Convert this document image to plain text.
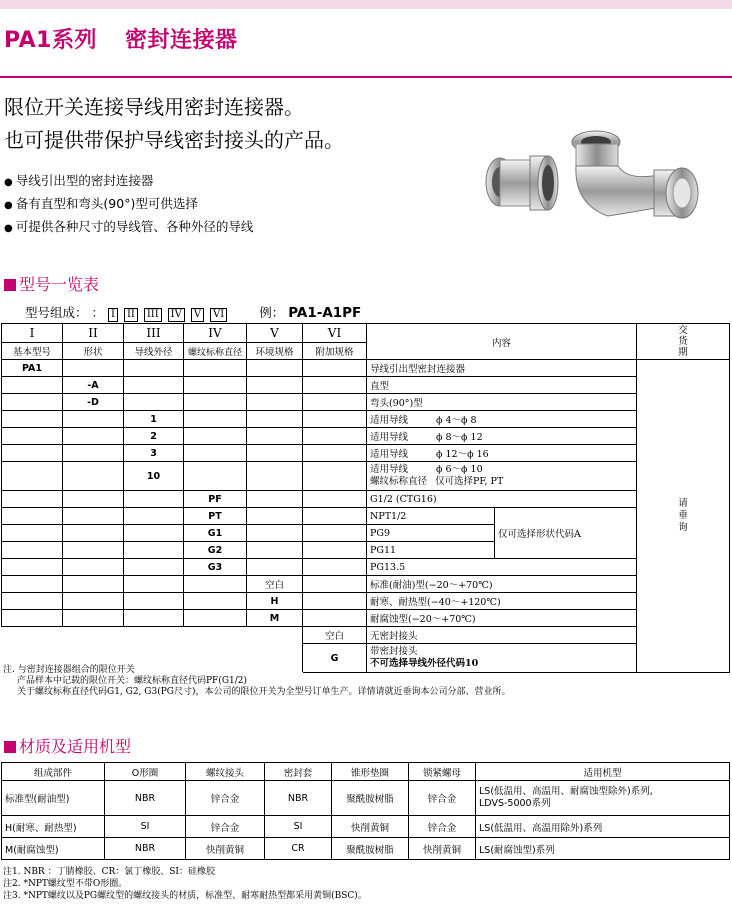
PA1系列 密封连接器
限位开关连接导线用密封连接器。
也可提供带保护导线密封接头的产品。
● 导线引出型的密封连接器
● 备有直型和弯头(90°)型可供选择
● 可提供各种尺寸的导线管、各种外径的导线
型号一览表
型号组成： ： I II III IV V VI	例： PA1-A1PF
I	II	III	IV	V	VI	内容		交货期

基本型号	形状	导线外径	螺纹标称直径	环境规格	附加规格			
PA1						导线引出型密封连接器		请垂询

	-A					直型		
	-D					弯头(90°)型		
		1				适用导线 ϕ 4～ϕ 8		
		2				适用导线 ϕ 8～ϕ 12		
		3				适用导线 ϕ 12～ϕ 16		
		10				适用导线 ϕ 6～ϕ 10
螺纹标称直径 仅可选择PF, PT		

			PF			G1/2 (CTG16)		
			PT			NPT1/2	仅可选择形状代码A	
			G1			PG9		
			G2			PG11		
			G3			PG13.5		
				空白		标准(耐油)型(−20～+70℃)		
				H		耐寒、耐热型(−40～+120℃)		
				M		耐腐蚀型(−20～+70℃)		
					空白	无密封接头		
					G	带密封接头
不可选择导线外径代码10		
注. 与密封连接器组合的限位开关
产品样本中记载的限位开关：螺纹标称直径代码PF(G1/2)
关于螺纹标称直径代码G1, G2, G3(PG尺寸)，本公司的限位开关为全型号订单生产。详情请就近垂询本公司分部、营业所。
材质及适用机型
组成部件	O形圈	螺纹接头	密封套	锥形垫圈	锁紧螺母	适用机型
标准型(耐油型)	NBR	锌合金	NBR	聚酰胺树脂	锌合金	LS(低温用、高温用、耐腐蚀型除外)系列,
LDVS-5000系列

H(耐寒、耐热型)	SI	锌合金	SI	快削黄铜	锌合金	LS(低温用、高温用除外)系列
M(耐腐蚀型)	NBR	快削黄铜	CR	聚酰胺树脂	快削黄铜	LS(耐腐蚀型)系列
注1. NBR ：丁腈橡胶、CR：氯丁橡胶、SI：硅橡胶
注2. *NPT螺纹型不带O形圈。
注3. *NPT螺纹以及PG螺纹型的螺纹接头的材质，标准型、耐寒耐热型都采用黄铜(BSC)。
